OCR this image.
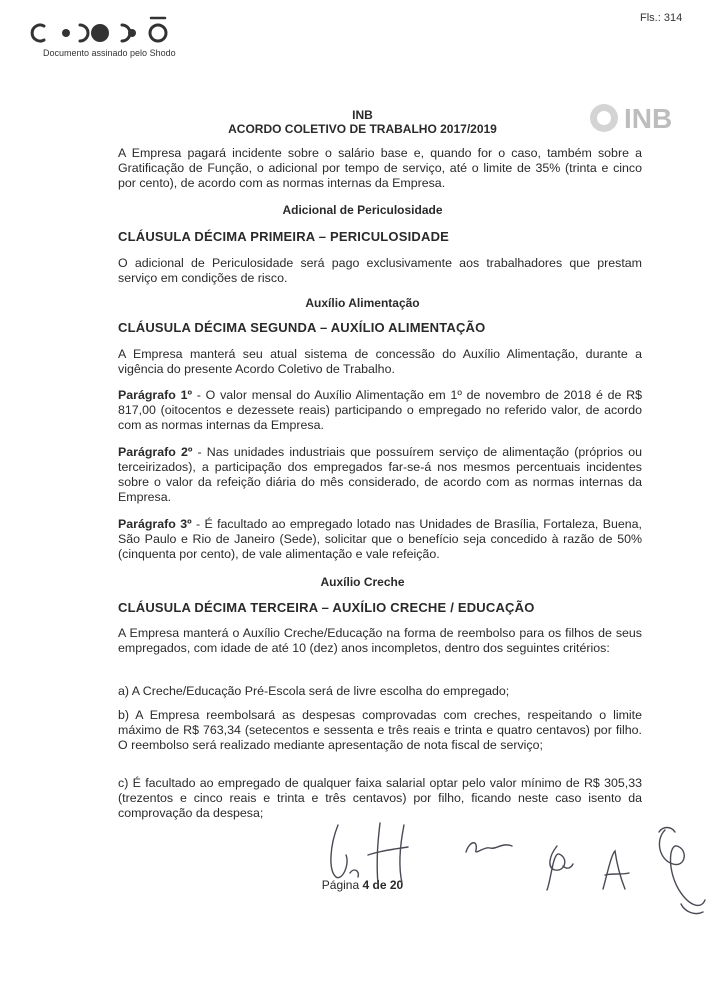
Documento assinado pelo Shodo
Fls.: 314
INB
ACORDO COLETIVO DE TRABALHO 2017/2019	INB

A Empresa pagará incidente sobre o salário base e, quando for o caso, também sobre a Gratificação de Função, o adicional por tempo de serviço, até o limite de 35% (trinta e cinco por cento), de acordo com as normas internas da Empresa.

Adicional de Periculosidade
CLÁUSULA DÉCIMA PRIMEIRA – PERICULOSIDADE

O adicional de Periculosidade será pago exclusivamente aos trabalhadores que prestam serviço em condições de risco.

Auxílio Alimentação
CLÁUSULA DÉCIMA SEGUNDA – AUXÍLIO ALIMENTAÇÃO

A Empresa manterá seu atual sistema de concessão do Auxílio Alimentação, durante a vigência do presente Acordo Coletivo de Trabalho.

Parágrafo 1º - O valor mensal do Auxílio Alimentação em 1º de novembro de 2018 é de R$ 817,00 (oitocentos e dezessete reais) participando o empregado no referido valor, de acordo com as normas internas da Empresa.

Parágrafo 2º - Nas unidades industriais que possuírem serviço de alimentação (próprios ou terceirizados), a participação dos empregados far-se-á nos mesmos percentuais incidentes sobre o valor da refeição diária do mês considerado, de acordo com as normas internas da Empresa.

Parágrafo 3º - É facultado ao empregado lotado nas Unidades de Brasília, Fortaleza, Buena, São Paulo e Rio de Janeiro (Sede), solicitar que o benefício seja concedido à razão de 50% (cinquenta por cento), de vale alimentação e vale refeição.

Auxílio Creche
CLÁUSULA DÉCIMA TERCEIRA – AUXÍLIO CRECHE / EDUCAÇÃO

A Empresa manterá o Auxílio Creche/Educação na forma de reembolso para os filhos de seus empregados, com idade de até 10 (dez) anos incompletos, dentro dos seguintes critérios:

a) A Creche/Educação Pré-Escola será de livre escolha do empregado;

b) A Empresa reembolsará as despesas comprovadas com creches, respeitando o limite máximo de R$ 763,34 (setecentos e sessenta e três reais e trinta e quatro centavos) por filho. O reembolso será realizado mediante apresentação de nota fiscal de serviço;

c) É facultado ao empregado de qualquer faixa salarial optar pelo valor mínimo de R$ 305,33 (trezentos e cinco reais e trinta e três centavos) por filho, ficando neste caso isento da comprovação da despesa;

Página 4 de 20
